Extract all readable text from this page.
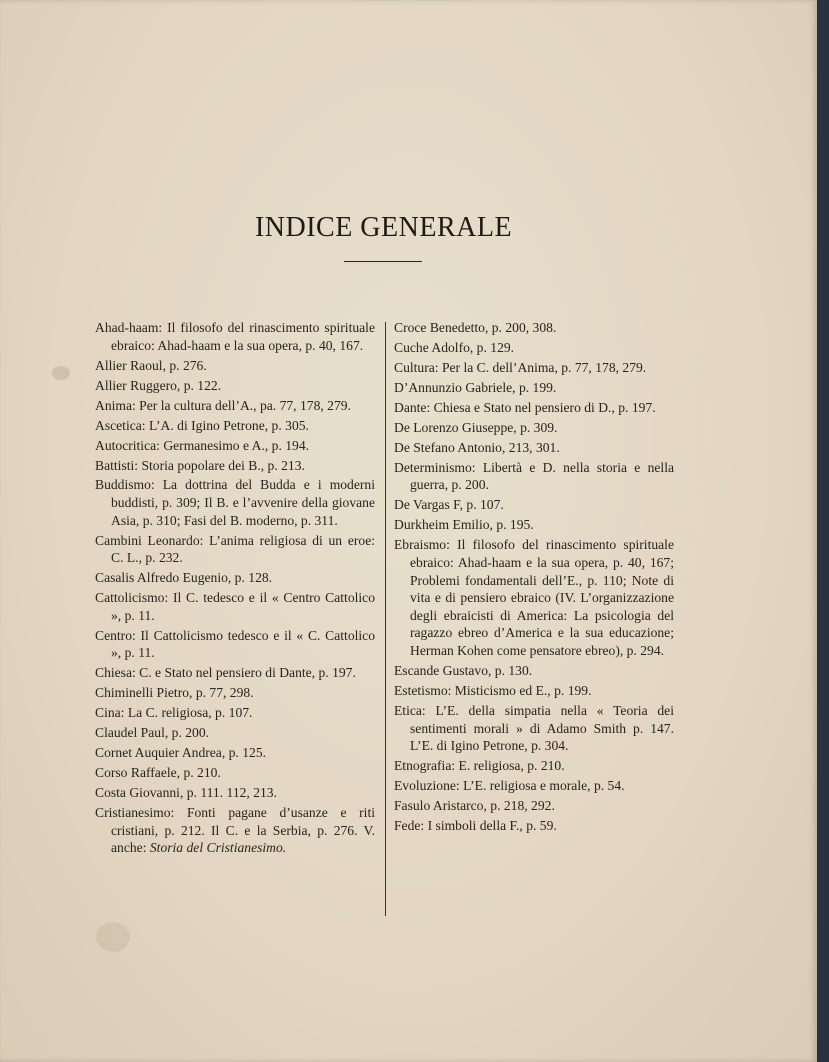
INDICE GENERALE

Ahad-haam: Il filosofo del rinascimento spirituale ebraico: Ahad-haam e la sua opera, p. 40, 167.

Allier Raoul, p. 276.

Allier Ruggero, p. 122.

Anima: Per la cultura dell’A., pa. 77, 178, 279.

Ascetica: L’A. di Igino Petrone, p. 305.

Autocritica: Germanesimo e A., p. 194.

Battisti: Storia popolare dei B., p. 213.

Buddismo: La dottrina del Budda e i moderni buddisti, p. 309; Il B. e l’avvenire della giovane Asia, p. 310; Fasi del B. moderno, p. 311.

Cambini Leonardo: L’anima religiosa di un eroe: C. L., p. 232.

Casalis Alfredo Eugenio, p. 128.

Cattolicismo: Il C. tedesco e il « Centro Cattolico », p. 11.

Centro: Il Cattolicismo tedesco e il « C. Cattolico », p. 11.

Chiesa: C. e Stato nel pensiero di Dante, p. 197.

Chiminelli Pietro, p. 77, 298.

Cina: La C. religiosa, p. 107.

Claudel Paul, p. 200.

Cornet Auquier Andrea, p. 125.

Corso Raffaele, p. 210.

Costa Giovanni, p. 111. 112, 213.

Cristianesimo: Fonti pagane d’usanze e riti cristiani, p. 212. Il C. e la Serbia, p. 276. V. anche: Storia del Cristianesimo.

Croce Benedetto, p. 200, 308.

Cuche Adolfo, p. 129.

Cultura: Per la C. dell’Anima, p. 77, 178, 279.

D’Annunzio Gabriele, p. 199.

Dante: Chiesa e Stato nel pensiero di D., p. 197.

De Lorenzo Giuseppe, p. 309.

De Stefano Antonio, 213, 301.

Determinismo: Libertà e D. nella storia e nella guerra, p. 200.

De Vargas F, p. 107.

Durkheim Emilio, p. 195.

Ebraismo: Il filosofo del rinascimento spirituale ebraico: Ahad-haam e la sua opera, p. 40, 167; Problemi fondamentali dell’E., p. 110; Note di vita e di pensiero ebraico (IV. L’organizzazione degli ebraicisti di America: La psicologia del ragazzo ebreo d’America e la sua educazione; Herman Kohen come pensatore ebreo), p. 294.

Escande Gustavo, p. 130.

Estetismo: Misticismo ed E., p. 199.

Etica: L’E. della simpatia nella « Teoria dei sentimenti morali » di Adamo Smith p. 147. L’E. di Igino Petrone, p. 304.

Etnografia: E. religiosa, p. 210.

Evoluzione: L’E. religiosa e morale, p. 54.

Fasulo Aristarco, p. 218, 292.

Fede: I simboli della F., p. 59.
